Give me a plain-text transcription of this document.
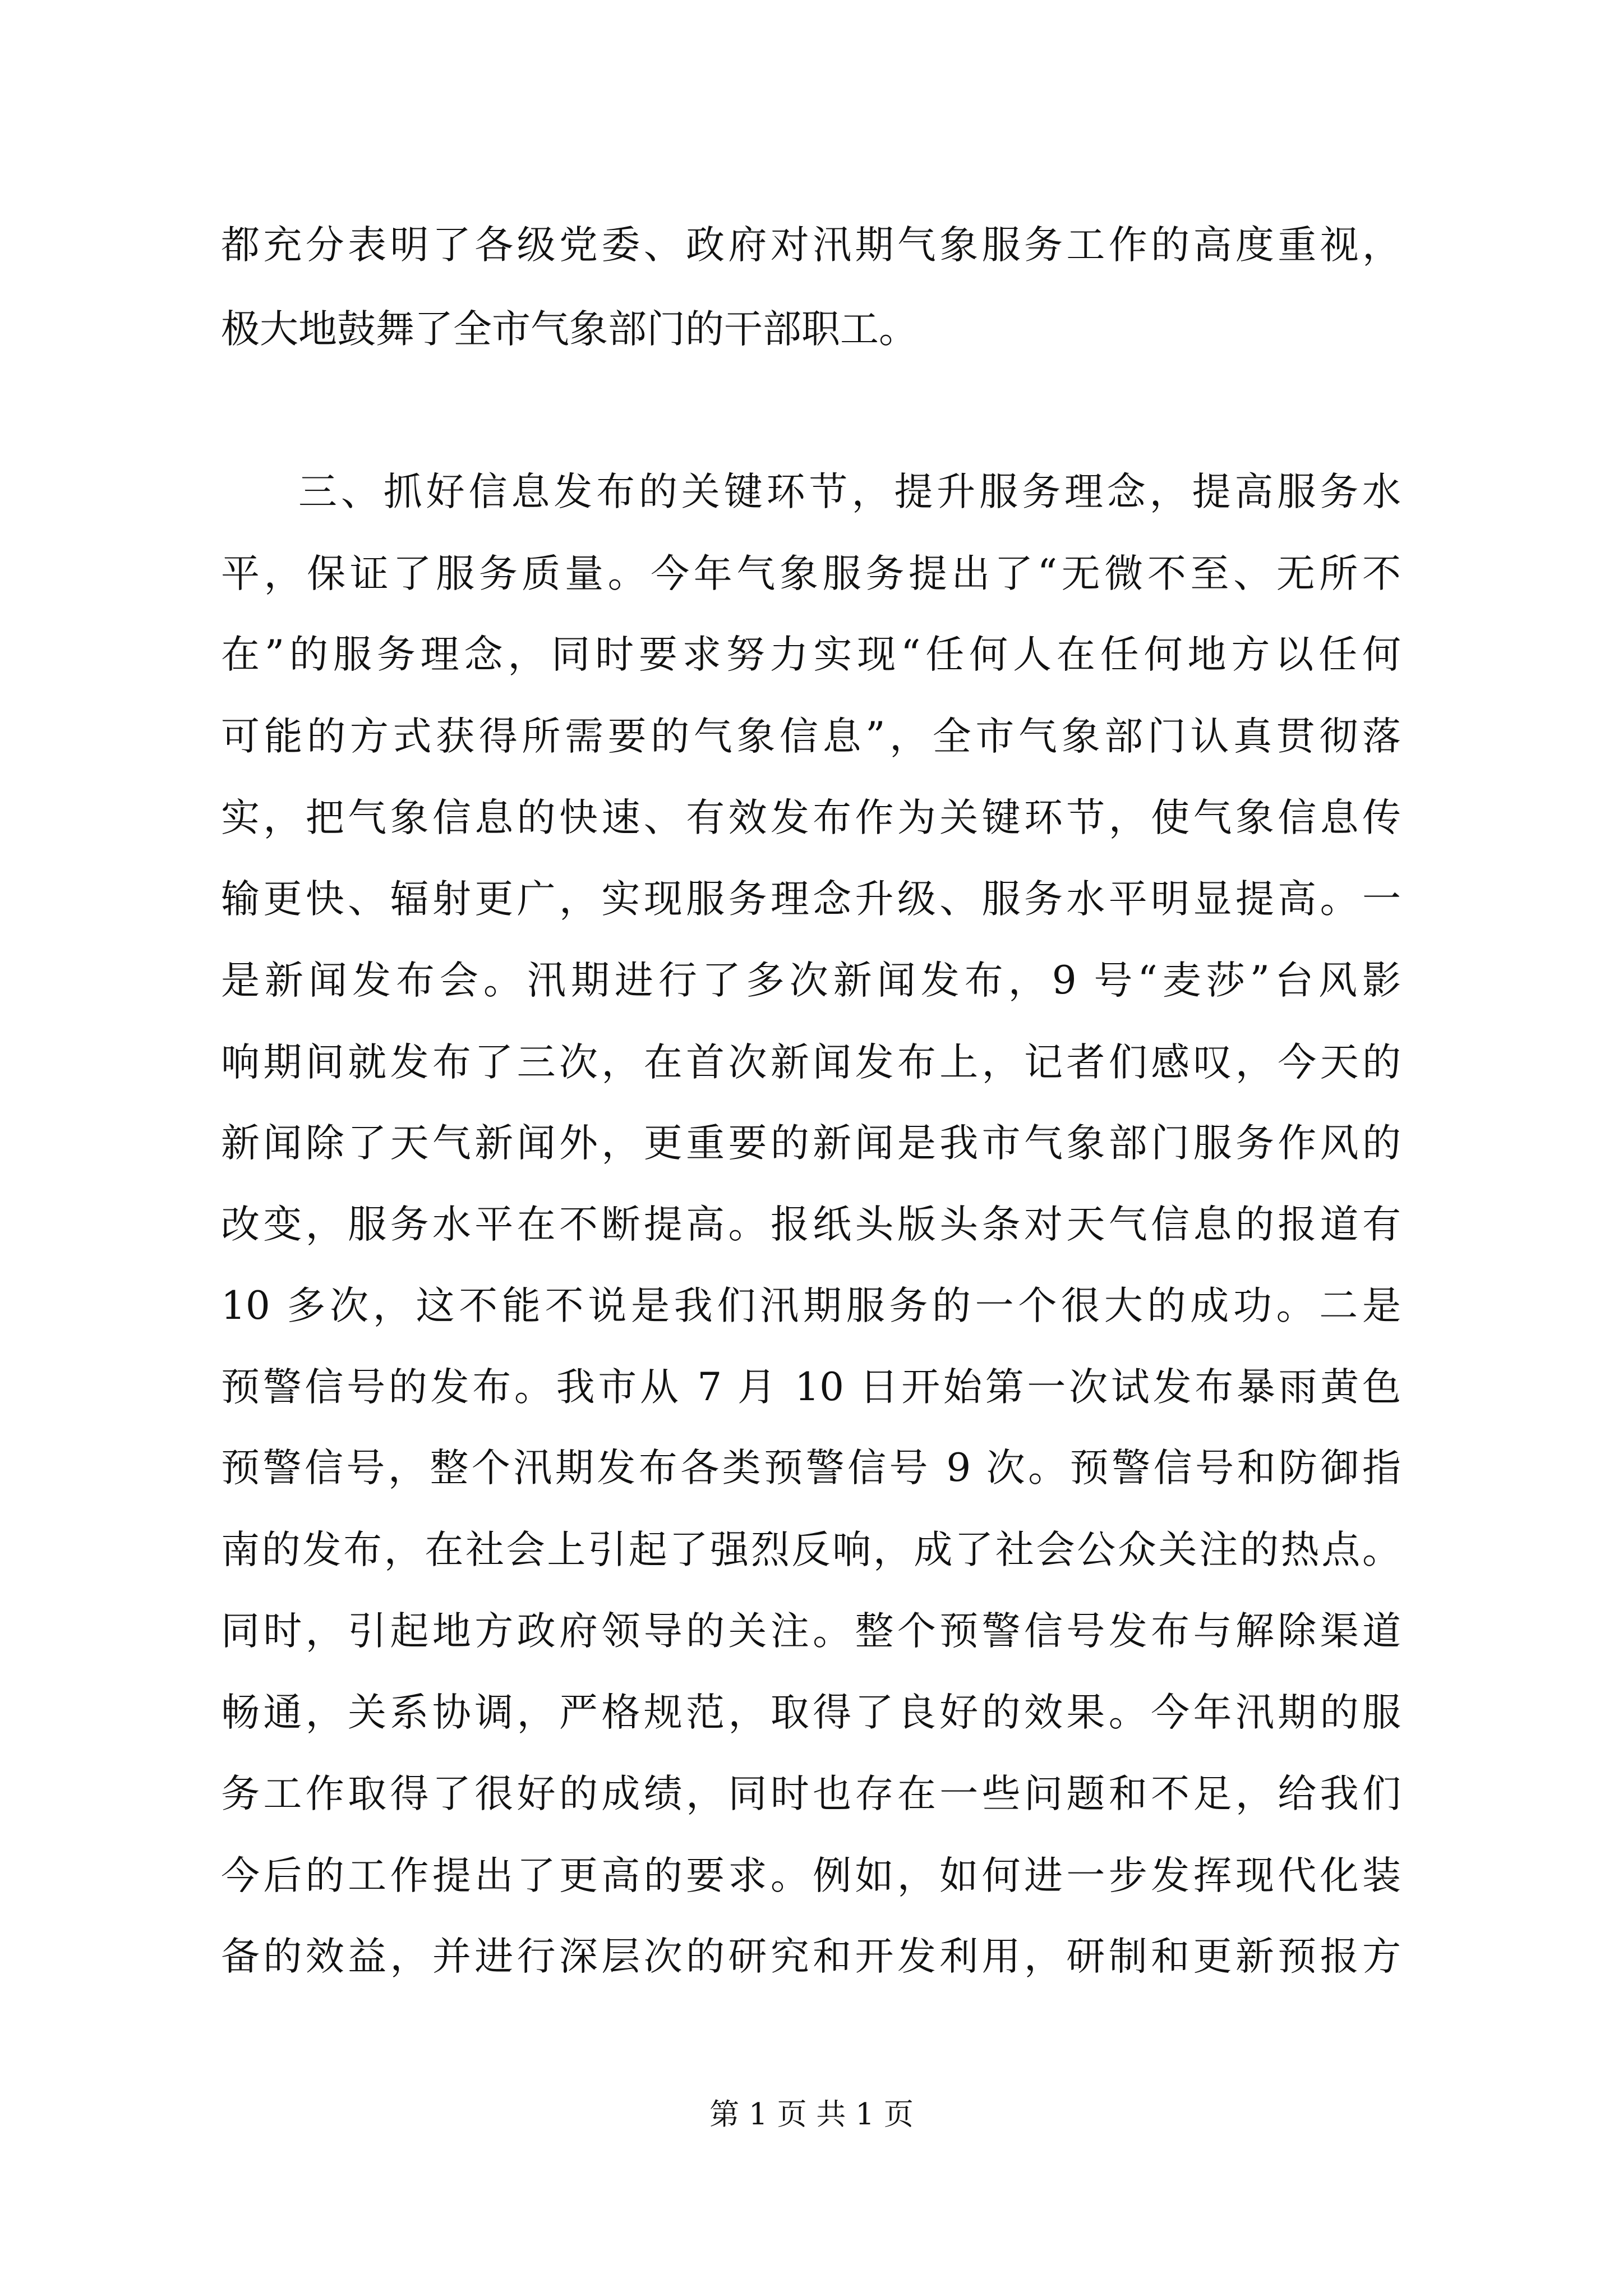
都充分表明了各级党委、政府对汛期气象服务工作的高度重视，

极大地鼓舞了全市气象部门的干部职工。

三、抓好信息发布的关键环节，提升服务理念，提高服务水

平，保证了服务质量。今年气象服务提出了“无微不至、无所不

在”的服务理念，同时要求努力实现“任何人在任何地方以任何

可能的方式获得所需要的气象信息”，全市气象部门认真贯彻落

实，把气象信息的快速、有效发布作为关键环节，使气象信息传

输更快、辐射更广，实现服务理念升级、服务水平明显提高。一

是新闻发布会。汛期进行了多次新闻发布，9 号“麦莎”台风影

响期间就发布了三次，在首次新闻发布上，记者们感叹，今天的

新闻除了天气新闻外，更重要的新闻是我市气象部门服务作风的

改变，服务水平在不断提高。报纸头版头条对天气信息的报道有

10 多次，这不能不说是我们汛期服务的一个很大的成功。二是

预警信号的发布。我市从 7 月 10 日开始第一次试发布暴雨黄色

预警信号，整个汛期发布各类预警信号 9 次。预警信号和防御指

南的发布，在社会上引起了强烈反响，成了社会公众关注的热点。

同时，引起地方政府领导的关注。整个预警信号发布与解除渠道

畅通，关系协调，严格规范，取得了良好的效果。今年汛期的服

务工作取得了很好的成绩，同时也存在一些问题和不足，给我们

今后的工作提出了更高的要求。例如，如何进一步发挥现代化装

备的效益，并进行深层次的研究和开发利用，研制和更新预报方

第 1 页 共 1 页
